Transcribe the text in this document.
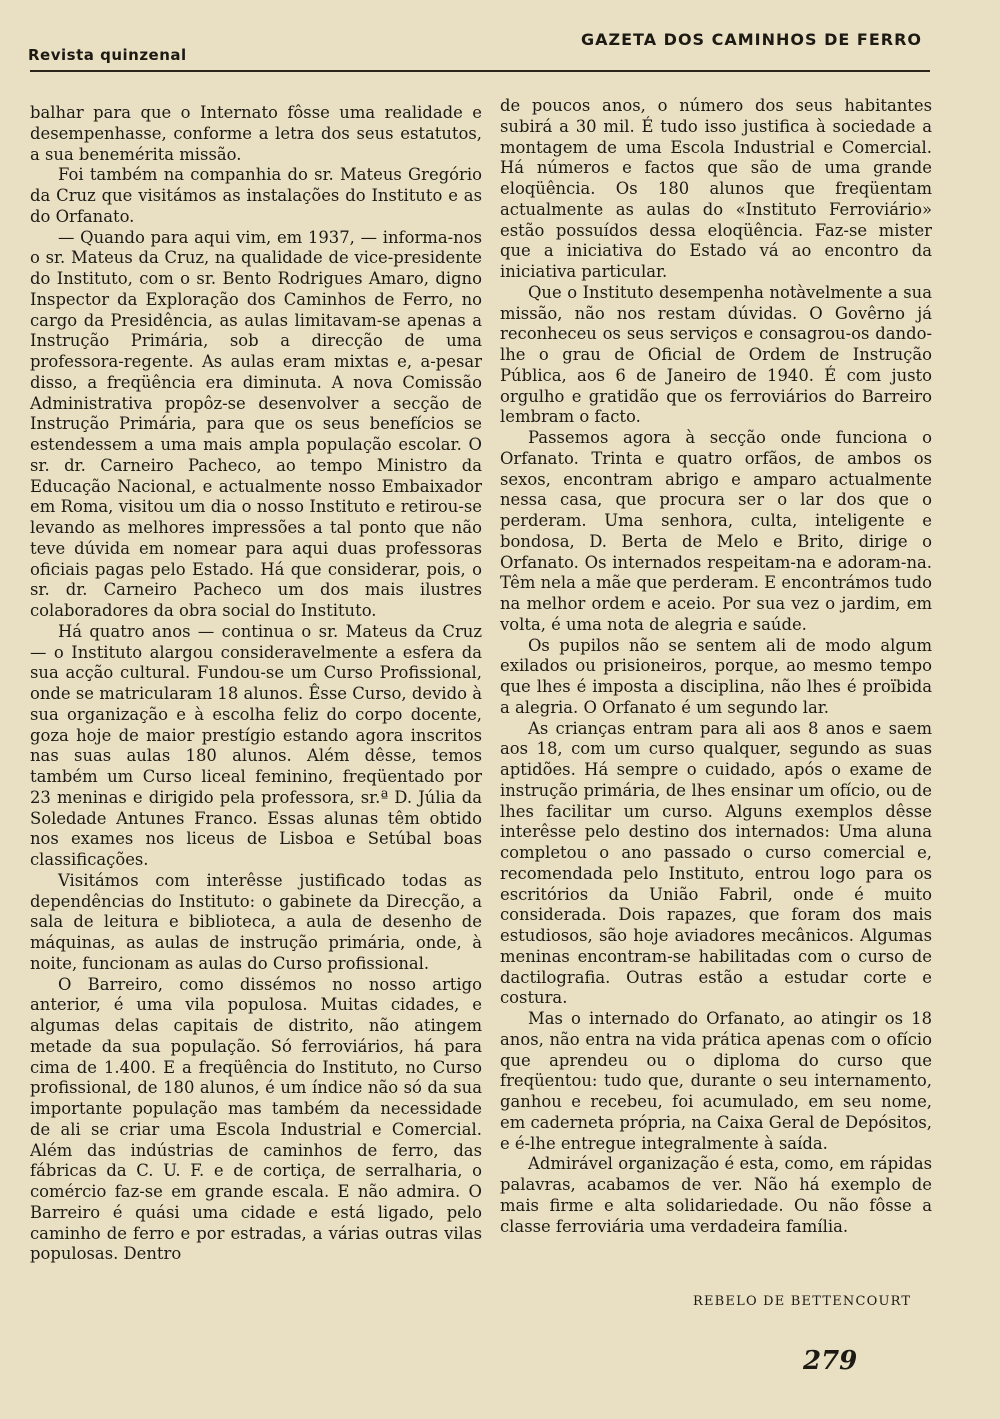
Revista quinzenal
GAZETA DOS CAMINHOS DE FERRO

balhar para que o Internato fôsse uma realidade e desempenhasse, conforme a letra dos seus estatutos, a sua benemérita missão.

Foi também na companhia do sr. Mateus Gregório da Cruz que visitámos as instalações do Instituto e as do Orfanato.

— Quando para aqui vim, em 1937, — informa-nos o sr. Mateus da Cruz, na qualidade de vice-presidente do Instituto, com o sr. Bento Rodrigues Amaro, digno Inspector da Exploração dos Caminhos de Ferro, no cargo da Presidência, as aulas limitavam-se apenas a Instrução Primária, sob a direcção de uma professora-regente. As aulas eram mixtas e, a-pesar disso, a freqüência era diminuta. A nova Comissão Administrativa propôz-se desenvolver a secção de Instrução Primária, para que os seus benefícios se estendessem a uma mais ampla população escolar. O sr. dr. Carneiro Pacheco, ao tempo Ministro da Educação Nacional, e actualmente nosso Embaixador em Roma, visitou um dia o nosso Instituto e retirou-se levando as melhores impressões a tal ponto que não teve dúvida em nomear para aqui duas professoras oficiais pagas pelo Estado. Há que considerar, pois, o sr. dr. Carneiro Pacheco um dos mais ilustres colaboradores da obra social do Instituto.

Há quatro anos — continua o sr. Mateus da Cruz — o Instituto alargou consideravelmente a esfera da sua acção cultural. Fundou-se um Curso Profissional, onde se matricularam 18 alunos. Êsse Curso, devido à sua organização e à escolha feliz do corpo docente, goza hoje de maior prestígio estando agora inscritos nas suas aulas 180 alunos. Além dêsse, temos também um Curso liceal feminino, freqüentado por 23 meninas e dirigido pela professora, sr.ª D. Júlia da Soledade Antunes Franco. Essas alunas têm obtido nos exames nos liceus de Lisboa e Setúbal boas classificações.

Visitámos com interêsse justificado todas as dependências do Instituto: o gabinete da Direcção, a sala de leitura e biblioteca, a aula de desenho de máquinas, as aulas de instrução primária, onde, à noite, funcionam as aulas do Curso profissional.

O Barreiro, como dissémos no nosso artigo anterior, é uma vila populosa. Muitas cidades, e algumas delas capitais de distrito, não atingem metade da sua população. Só ferroviários, há para cima de 1.400. E a freqüência do Instituto, no Curso profissional, de 180 alunos, é um índice não só da sua importante população mas também da necessidade de ali se criar uma Escola Industrial e Comercial. Além das indústrias de caminhos de ferro, das fábricas da C. U. F. e de cortiça, de serralharia, o comércio faz-se em grande escala. E não admira. O Barreiro é quási uma cidade e está ligado, pelo caminho de ferro e por estradas, a várias outras vilas populosas. Dentro

de poucos anos, o número dos seus habitantes subirá a 30 mil. É tudo isso justifica à sociedade a montagem de uma Escola Industrial e Comercial. Há números e factos que são de uma grande eloqüência. Os 180 alunos que freqüentam actualmente as aulas do «Instituto Ferroviário» estão possuídos dessa eloqüência. Faz-se mister que a iniciativa do Estado vá ao encontro da iniciativa particular.

Que o Instituto desempenha notàvelmente a sua missão, não nos restam dúvidas. O Govêrno já reconheceu os seus serviços e consagrou-os dando-lhe o grau de Oficial de Ordem de Instrução Pública, aos 6 de Janeiro de 1940. É com justo orgulho e gratidão que os ferroviários do Barreiro lembram o facto.

Passemos agora à secção onde funciona o Orfanato. Trinta e quatro orfãos, de ambos os sexos, encontram abrigo e amparo actualmente nessa casa, que procura ser o lar dos que o perderam. Uma senhora, culta, inteligente e bondosa, D. Berta de Melo e Brito, dirige o Orfanato. Os internados respeitam-na e adoram-na. Têm nela a mãe que perderam. E encontrámos tudo na melhor ordem e aceio. Por sua vez o jardim, em volta, é uma nota de alegria e saúde.

Os pupilos não se sentem ali de modo algum exilados ou prisioneiros, porque, ao mesmo tempo que lhes é imposta a disciplina, não lhes é proïbida a alegria. O Orfanato é um segundo lar.

As crianças entram para ali aos 8 anos e saem aos 18, com um curso qualquer, segundo as suas aptidões. Há sempre o cuidado, após o exame de instrução primária, de lhes ensinar um ofício, ou de lhes facilitar um curso. Alguns exemplos dêsse interêsse pelo destino dos internados: Uma aluna completou o ano passado o curso comercial e, recomendada pelo Instituto, entrou logo para os escritórios da União Fabril, onde é muito considerada. Dois rapazes, que foram dos mais estudiosos, são hoje aviadores mecânicos. Algumas meninas encontram-se habilitadas com o curso de dactilografia. Outras estão a estudar corte e costura.

Mas o internado do Orfanato, ao atingir os 18 anos, não entra na vida prática apenas com o ofício que aprendeu ou o diploma do curso que freqüentou: tudo que, durante o seu internamento, ganhou e recebeu, foi acumulado, em seu nome, em caderneta própria, na Caixa Geral de Depósitos, e é-lhe entregue integralmente à saída.

Admirável organização é esta, como, em rápidas palavras, acabamos de ver. Não há exemplo de mais firme e alta solidariedade. Ou não fôsse a classe ferroviária uma verdadeira família.

REBELO DE BETTENCOURT
279
